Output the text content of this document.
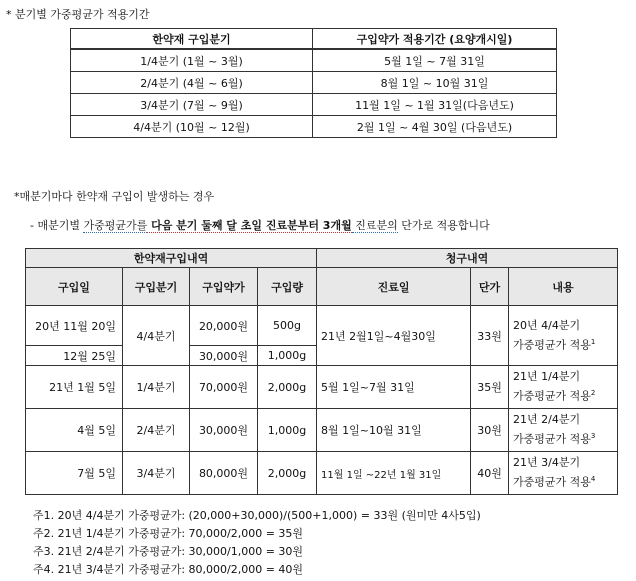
* 분기별 가중평균가 적용기간
한약재 구입분기	구입약가 적용기간 (요양개시일)
1/4분기 (1월 ~ 3월)	5월 1일 ~ 7월 31일
2/4분기 (4월 ~ 6월)	8월 1일 ~ 10월 31일
3/4분기 (7월 ~ 9월)	11월 1일 ~ 1월 31일(다음년도)
4/4분기 (10월 ~ 12월)	2월 1일 ~ 4월 30일 (다음년도)
*매분기마다 한약재 구입이 발생하는 경우
- 매분기별 가중평균가를 다음 분기 둘째 달 초일 진료분부터 3개월 진료분의 단가로 적용합니다
한약재구입내역				청구내역		
구입일	구입분기	구입약가	구입량	진료일	단가	내용
20년 11월 20일	4/4분기	20,000원	500g	21년 2월1일~4월30일	33원	20년 4/4분기
가중평균가 적용$^1$

12월 25일		30,000원	1,000g			
21년 1월 5일	1/4분기	70,000원	2,000g	5월 1일~7월 31일	35원	21년 1/4분기
가중평균가 적용$^2$

4월 5일	2/4분기	30,000원	1,000g	8월 1일~10월 31일	30원	21년 2/4분기
가중평균가 적용$^3$

7월 5일	3/4분기	80,000원	2,000g	11월 1일 ~22년 1월 31일	40원	21년 3/4분기
가중평균가 적용$^4$
주1. 20년 4/4분기 가중평균가: (20,000+30,000)/(500+1,000) = 33원 (원미만 4사5입)
주2. 21년 1/4분기 가중평균가: 70,000/2,000 = 35원
주3. 21년 2/4분기 가중평균가: 30,000/1,000 = 30원
주4. 21년 3/4분기 가중평균가: 80,000/2,000 = 40원
